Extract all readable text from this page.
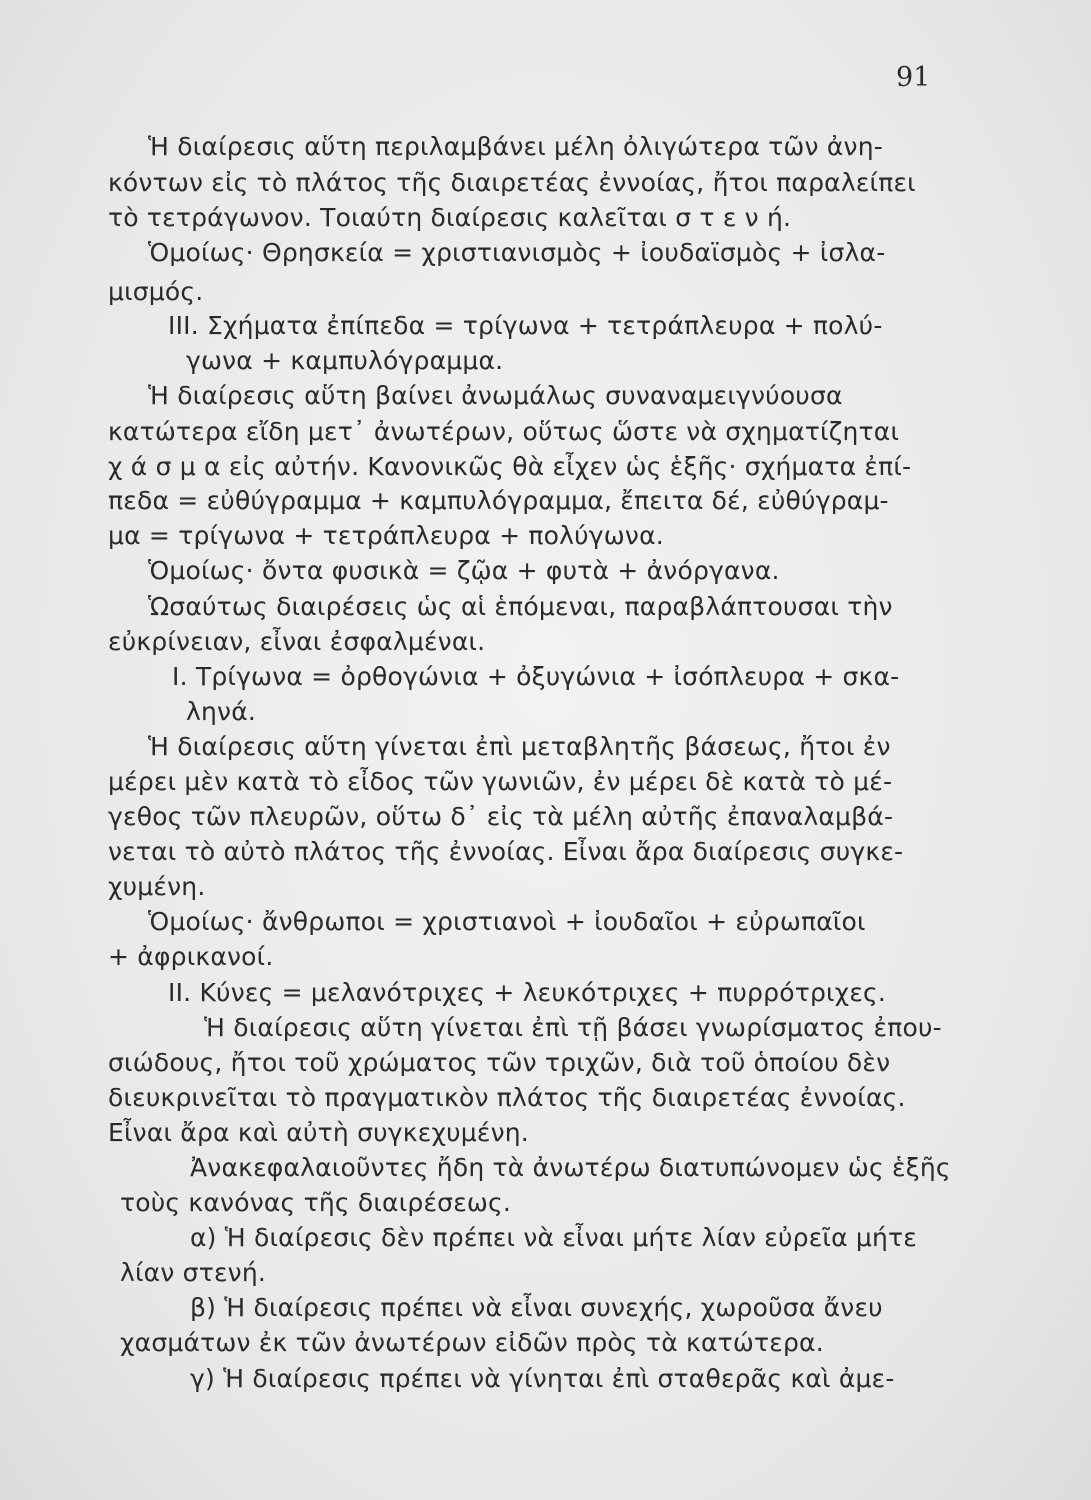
91
Ἡ διαίρεσις αὕτη περιλαμβάνει μέλη ὀλιγώτερα τῶν ἀνη-
κόντων εἰς τὸ πλάτος τῆς διαιρετέας ἐννοίας, ἤτοι παραλείπει
τὸ τετράγωνον. Τοιαύτη διαίρεσις καλεῖται σ τ ε ν ή.
Ὁμοίως· Θρησκεία = χριστιανισμὸς + ἰουδαϊσμὸς + ἰσλα-
μισμός.
III. Σχήματα ἐπίπεδα = τρίγωνα + τετράπλευρα + πολύ-
γωνα + καμπυλόγραμμα.
Ἡ διαίρεσις αὕτη βαίνει ἀνωμάλως συναναμειγνύουσα
κατώτερα εἴδη μετ᾽ ἀνωτέρων, οὕτως ὥστε νὰ σχηματίζηται
χ ά σ μ α εἰς αὐτήν. Κανονικῶς θὰ εἶχεν ὡς ἑξῆς· σχήματα ἐπί-
πεδα = εὐθύγραμμα + καμπυλόγραμμα, ἔπειτα δέ, εὐθύγραμ-
μα = τρίγωνα + τετράπλευρα + πολύγωνα.
Ὁμοίως· ὄντα φυσικὰ = ζῷα + φυτὰ + ἀνόργανα.
Ὡσαύτως διαιρέσεις ὡς αἱ ἑπόμεναι, παραβλάπτουσαι τὴν
εὐκρίνειαν, εἶναι ἐσφαλμέναι.
I. Τρίγωνα = ὀρθογώνια + ὀξυγώνια + ἰσόπλευρα + σκα-
ληνά.
Ἡ διαίρεσις αὕτη γίνεται ἐπὶ μεταβλητῆς βάσεως, ἤτοι ἐν
μέρει μὲν κατὰ τὸ εἶδος τῶν γωνιῶν, ἐν μέρει δὲ κατὰ τὸ μέ-
γεθος τῶν πλευρῶν, οὕτω δ᾽ εἰς τὰ μέλη αὐτῆς ἐπαναλαμβά-
νεται τὸ αὐτὸ πλάτος τῆς ἐννοίας. Εἶναι ἄρα διαίρεσις συγκε-
χυμένη.
Ὁμοίως· ἄνθρωποι = χριστιανοὶ + ἰουδαῖοι + εὐρωπαῖοι
+ ἀφρικανοί.
II. Κύνες = μελανότριχες + λευκότριχες + πυρρότριχες.
Ἡ διαίρεσις αὕτη γίνεται ἐπὶ τῇ βάσει γνωρίσματος ἐπου-
σιώδους, ἤτοι τοῦ χρώματος τῶν τριχῶν, διὰ τοῦ ὁποίου δὲν
διευκρινεῖται τὸ πραγματικὸν πλάτος τῆς διαιρετέας ἐννοίας.
Εἶναι ἄρα καὶ αὐτὴ συγκεχυμένη.
Ἀνακεφαλαιοῦντες ἤδη τὰ ἀνωτέρω διατυπώνομεν ὡς ἑξῆς
τοὺς κανόνας τῆς διαιρέσεως.
α) Ἡ διαίρεσις δὲν πρέπει νὰ εἶναι μήτε λίαν εὐρεῖα μήτε
λίαν στενή.
β) Ἡ διαίρεσις πρέπει νὰ εἶναι συνεχής, χωροῦσα ἄνευ
χασμάτων ἐκ τῶν ἀνωτέρων εἰδῶν πρὸς τὰ κατώτερα.
γ) Ἡ διαίρεσις πρέπει νὰ γίνηται ἐπὶ σταθερᾶς καὶ ἀμε-
